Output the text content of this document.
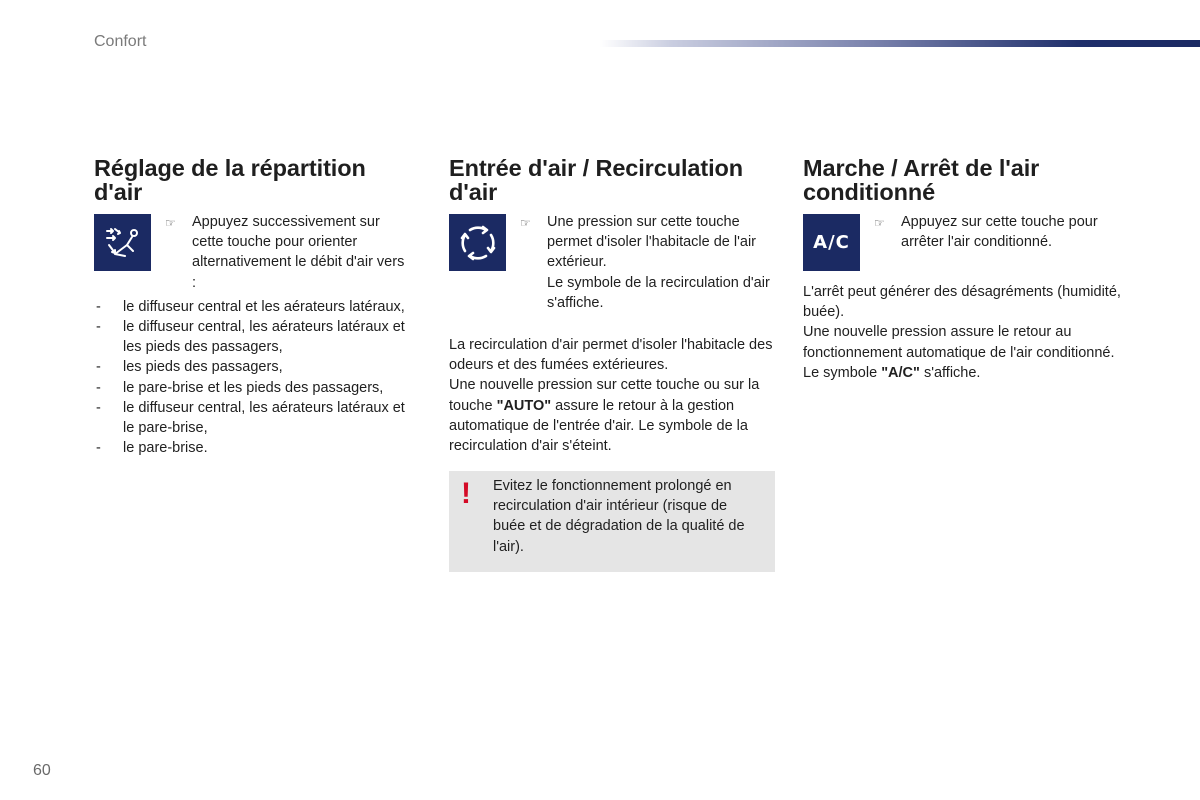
Confort
Réglage de la répartition d'air
☞ Appuyez successivement sur cette touche pour orienter alternativement le débit d'air vers :
- le diffuseur central et les aérateurs latéraux,
- le diffuseur central, les aérateurs latéraux et les pieds des passagers,
- les pieds des passagers,
- le pare-brise et les pieds des passagers,
- le diffuseur central, les aérateurs latéraux et le pare-brise,
- le pare-brise.
Entrée d'air / Recirculation d'air
☞ Une pression sur cette touche permet d'isoler l'habitacle de l'air extérieur.
Le symbole de la recirculation d'air s'affiche.

La recirculation d'air permet d'isoler l'habitacle des odeurs et des fumées extérieures.
Une nouvelle pression sur cette touche ou sur la touche "AUTO" assure le retour à la gestion automatique de l'entrée d'air. Le symbole de la recirculation d'air s'éteint.

! Evitez le fonctionnement prolongé en recirculation d'air intérieur (risque de buée et de dégradation de la qualité de l'air).
Marche / Arrêt de l'air conditionné
A/C
☞ Appuyez sur cette touche pour arrêter l'air conditionné.

L'arrêt peut générer des désagréments (humidité, buée).
Une nouvelle pression assure le retour au fonctionnement automatique de l'air conditionné. Le symbole "A/C" s'affiche.

60
